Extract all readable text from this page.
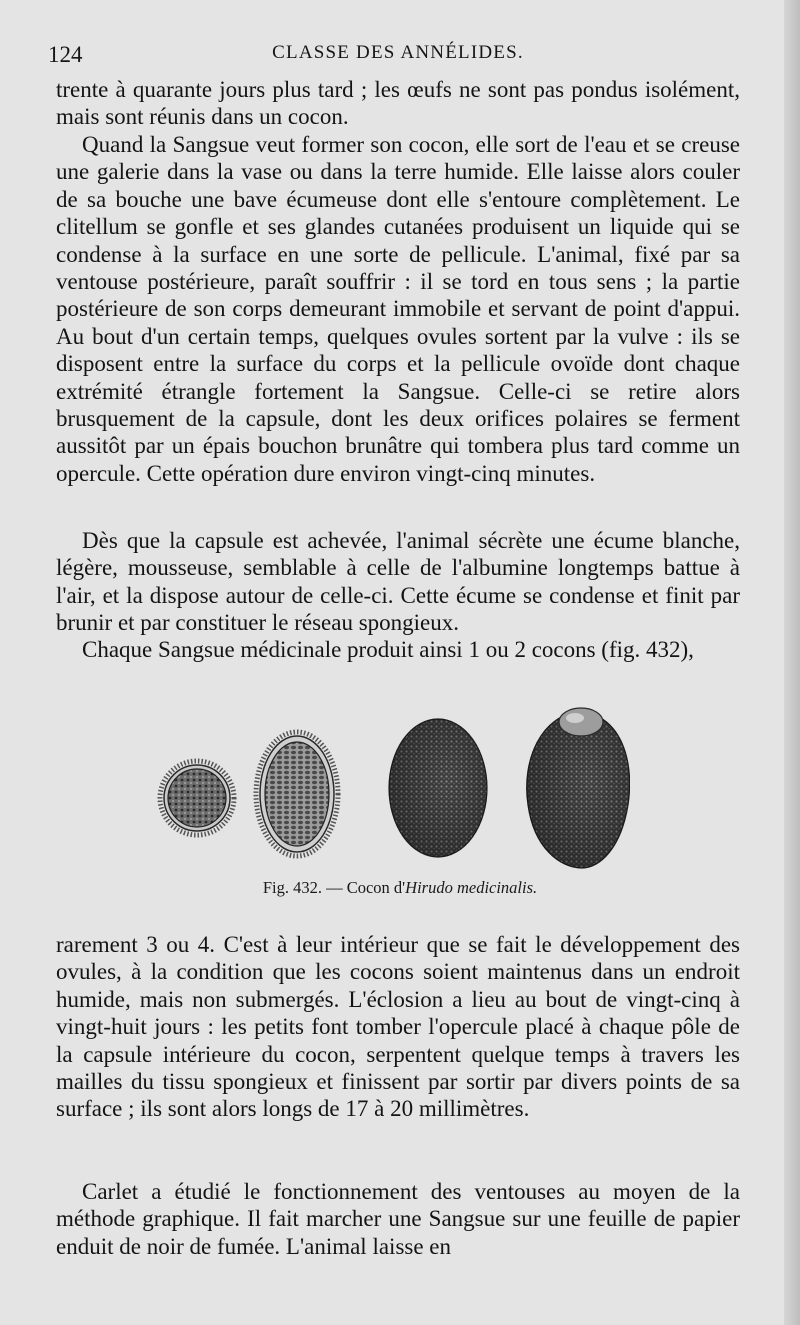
124	CLASSE DES ANNÉLIDES.

trente à quarante jours plus tard ; les œufs ne sont pas pondus isolément, mais sont réunis dans un cocon.

Quand la Sangsue veut former son cocon, elle sort de l'eau et se creuse une galerie dans la vase ou dans la terre humide. Elle laisse alors couler de sa bouche une bave écumeuse dont elle s'entoure complètement. Le clitellum se gonfle et ses glandes cutanées produisent un liquide qui se condense à la surface en une sorte de pellicule. L'animal, fixé par sa ventouse postérieure, paraît souffrir : il se tord en tous sens ; la partie postérieure de son corps demeurant immobile et servant de point d'appui. Au bout d'un certain temps, quelques ovules sortent par la vulve : ils se disposent entre la surface du corps et la pellicule ovoïde dont chaque extrémité étrangle fortement la Sangsue. Celle-ci se retire alors brusquement de la capsule, dont les deux orifices polaires se ferment aussitôt par un épais bouchon brunâtre qui tombera plus tard comme un opercule. Cette opération dure environ vingt-cinq minutes.

Dès que la capsule est achevée, l'animal sécrète une écume blanche, légère, mousseuse, semblable à celle de l'albumine longtemps battue à l'air, et la dispose autour de celle-ci. Cette écume se condense et finit par brunir et par constituer le réseau spongieux.

Chaque Sangsue médicinale produit ainsi 1 ou 2 cocons (fig. 432),

Fig. 432. — Cocon d'Hirudo medicinalis.

rarement 3 ou 4. C'est à leur intérieur que se fait le développement des ovules, à la condition que les cocons soient maintenus dans un endroit humide, mais non submergés. L'éclosion a lieu au bout de vingt-cinq à vingt-huit jours : les petits font tomber l'opercule placé à chaque pôle de la capsule intérieure du cocon, serpentent quelque temps à travers les mailles du tissu spongieux et finissent par sortir par divers points de sa surface ; ils sont alors longs de 17 à 20 millimètres.

Carlet a étudié le fonctionnement des ventouses au moyen de la méthode graphique. Il fait marcher une Sangsue sur une feuille de papier enduit de noir de fumée. L'animal laisse en
